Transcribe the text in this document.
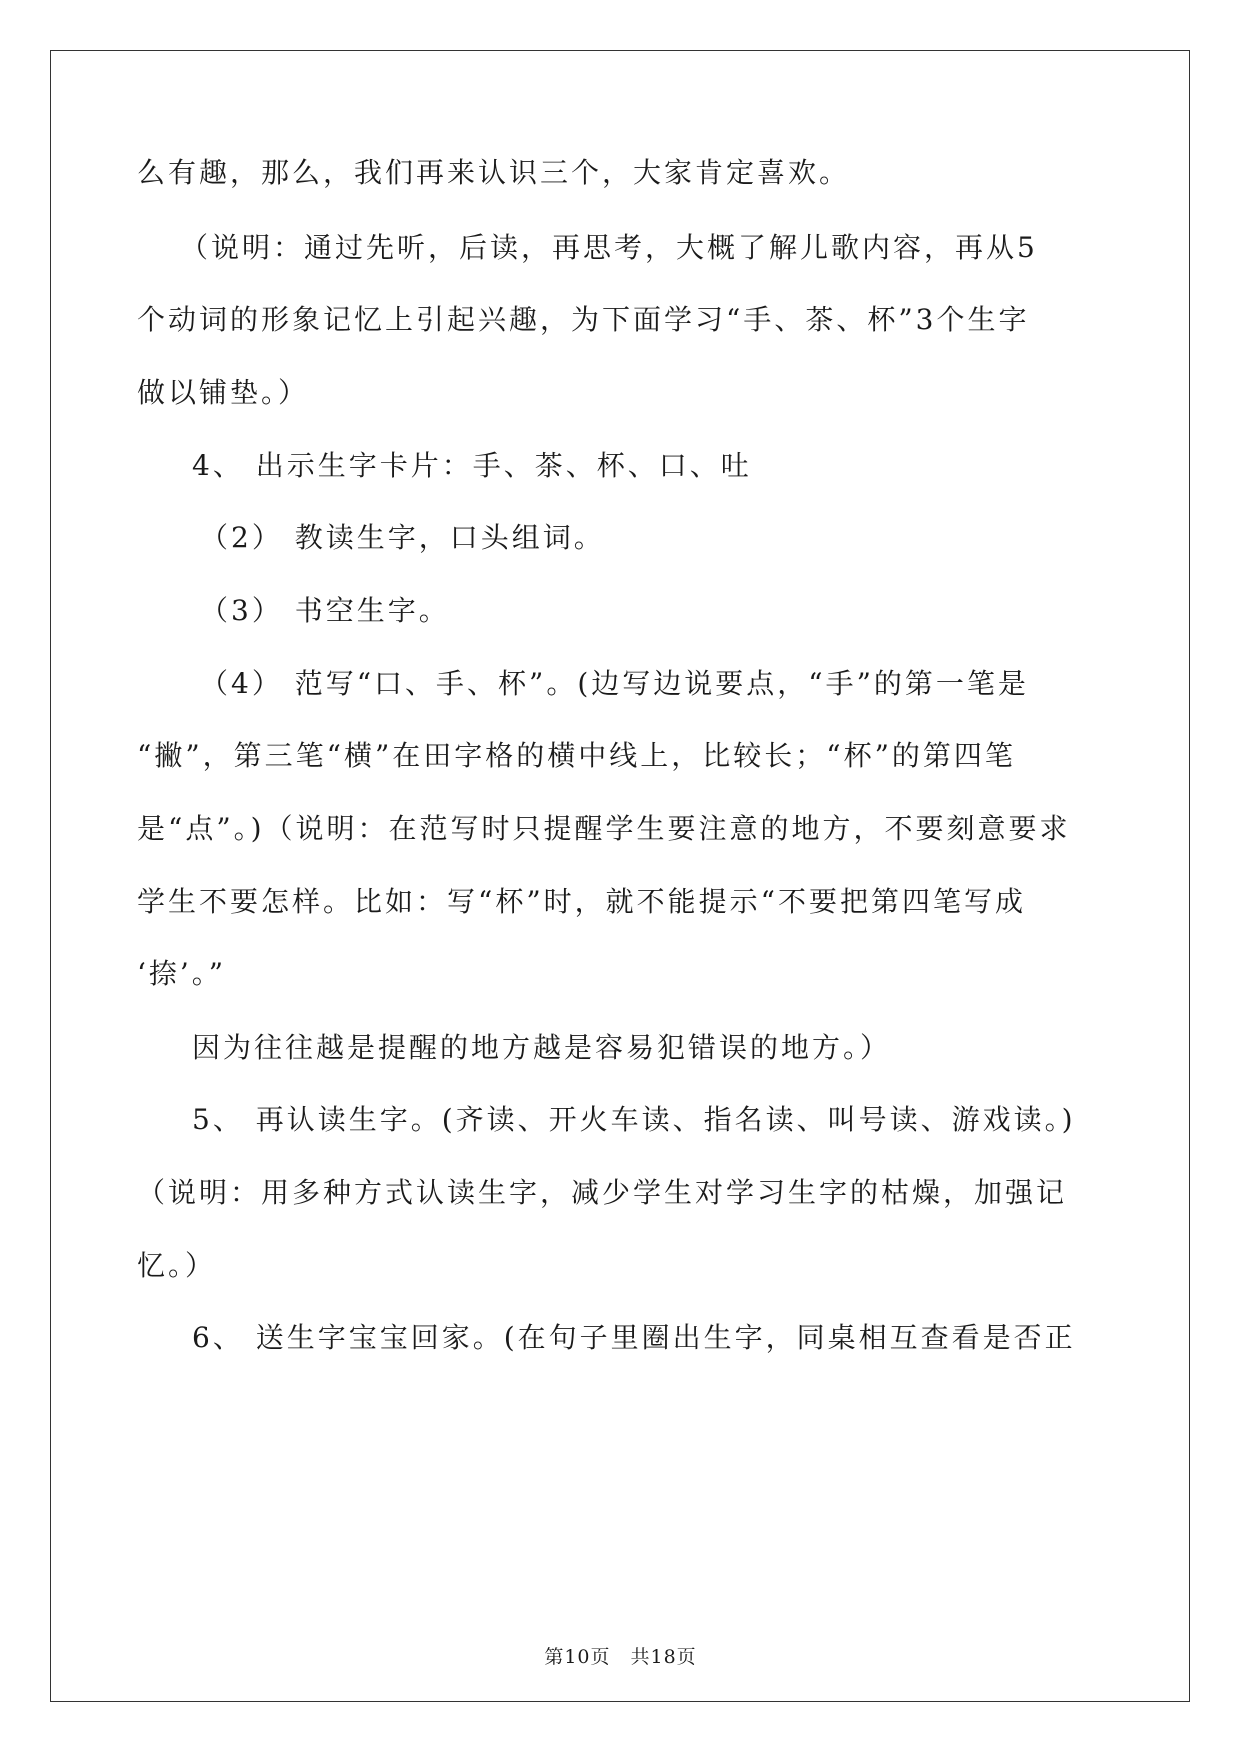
么有趣，那么，我们再来认识三个，大家肯定喜欢。
（说明：通过先听，后读，再思考，大概了解儿歌内容，再从5
个动词的形象记忆上引起兴趣，为下面学习“手、茶、杯”3个生字
做以铺垫。）
4、 出示生字卡片：手、茶、杯、口、吐
（2） 教读生字，口头组词。
（3） 书空生字。
（4） 范写“口、手、杯”。(边写边说要点，“手”的第一笔是
“撇”，第三笔“横”在田字格的横中线上，比较长；“杯”的第四笔
是“点”。)（说明：在范写时只提醒学生要注意的地方，不要刻意要求
学生不要怎样。比如：写“杯”时，就不能提示“不要把第四笔写成
‘捺’。”
因为往往越是提醒的地方越是容易犯错误的地方。）
5、 再认读生字。(齐读、开火车读、指名读、叫号读、游戏读。)
（说明：用多种方式认读生字，减少学生对学习生字的枯燥，加强记
忆。）
6、 送生字宝宝回家。(在句子里圈出生字，同桌相互查看是否正
第10页　共18页
